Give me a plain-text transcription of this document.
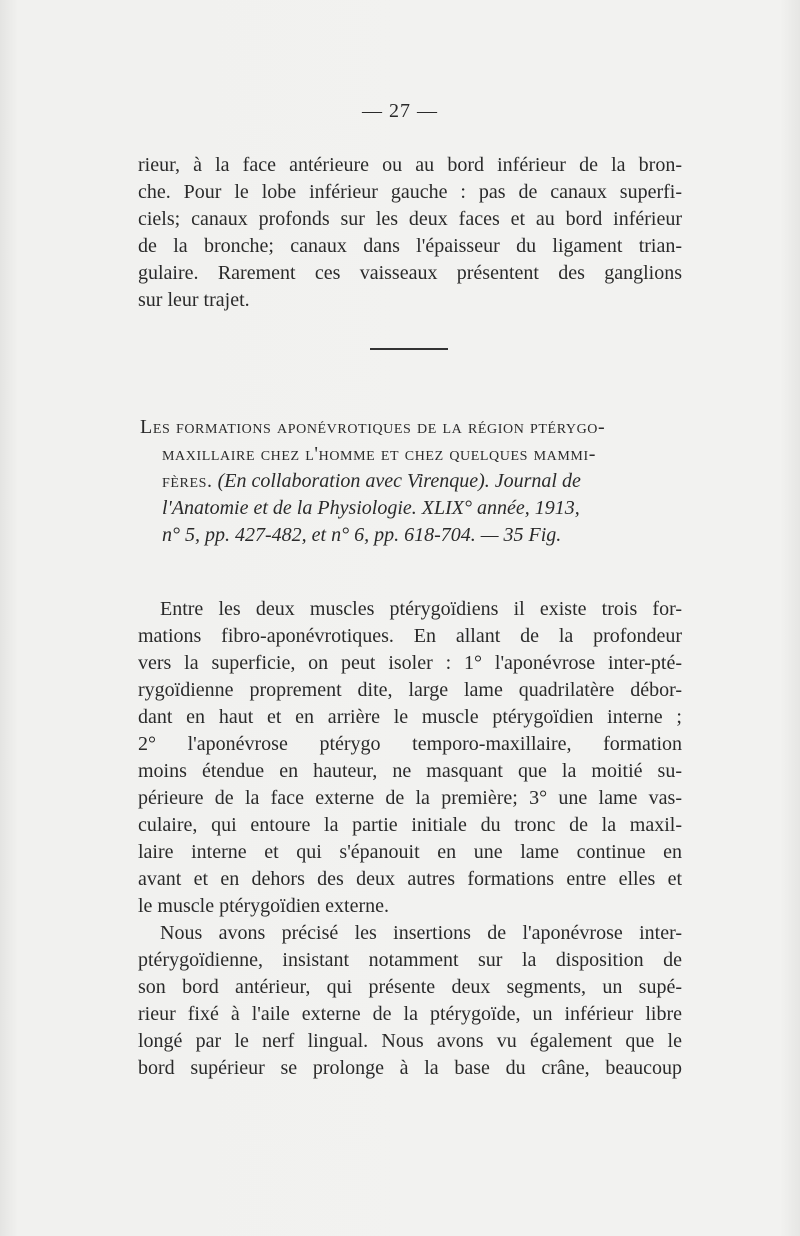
— 27 —
rieur, à la face antérieure ou au bord inférieur de la bron-
che. Pour le lobe inférieur gauche : pas de canaux superfi-
ciels; canaux profonds sur les deux faces et au bord inférieur
de la bronche; canaux dans l'épaisseur du ligament trian-
gulaire. Rarement ces vaisseaux présentent des ganglions
sur leur trajet.
Les formations aponévrotiques de la région ptérygo-
maxillaire chez l'homme et chez quelques mammi-
fères. (En collaboration avec Virenque). Journal de
l'Anatomie et de la Physiologie. XLIX° année, 1913,
n° 5, pp. 427-482, et n° 6, pp. 618-704. — 35 Fig.
Entre les deux muscles ptérygoïdiens il existe trois for-
mations fibro-aponévrotiques. En allant de la profondeur
vers la superficie, on peut isoler : 1° l'aponévrose inter-pté-
rygoïdienne proprement dite, large lame quadrilatère débor-
dant en haut et en arrière le muscle ptérygoïdien interne ;
2° l'aponévrose ptérygo temporo-maxillaire, formation
moins étendue en hauteur, ne masquant que la moitié su-
périeure de la face externe de la première; 3° une lame vas-
culaire, qui entoure la partie initiale du tronc de la maxil-
laire interne et qui s'épanouit en une lame continue en
avant et en dehors des deux autres formations entre elles et
le muscle ptérygoïdien externe.
Nous avons précisé les insertions de l'aponévrose inter-
ptérygoïdienne, insistant notamment sur la disposition de
son bord antérieur, qui présente deux segments, un supé-
rieur fixé à l'aile externe de la ptérygoïde, un inférieur libre
longé par le nerf lingual. Nous avons vu également que le
bord supérieur se prolonge à la base du crâne, beaucoup
